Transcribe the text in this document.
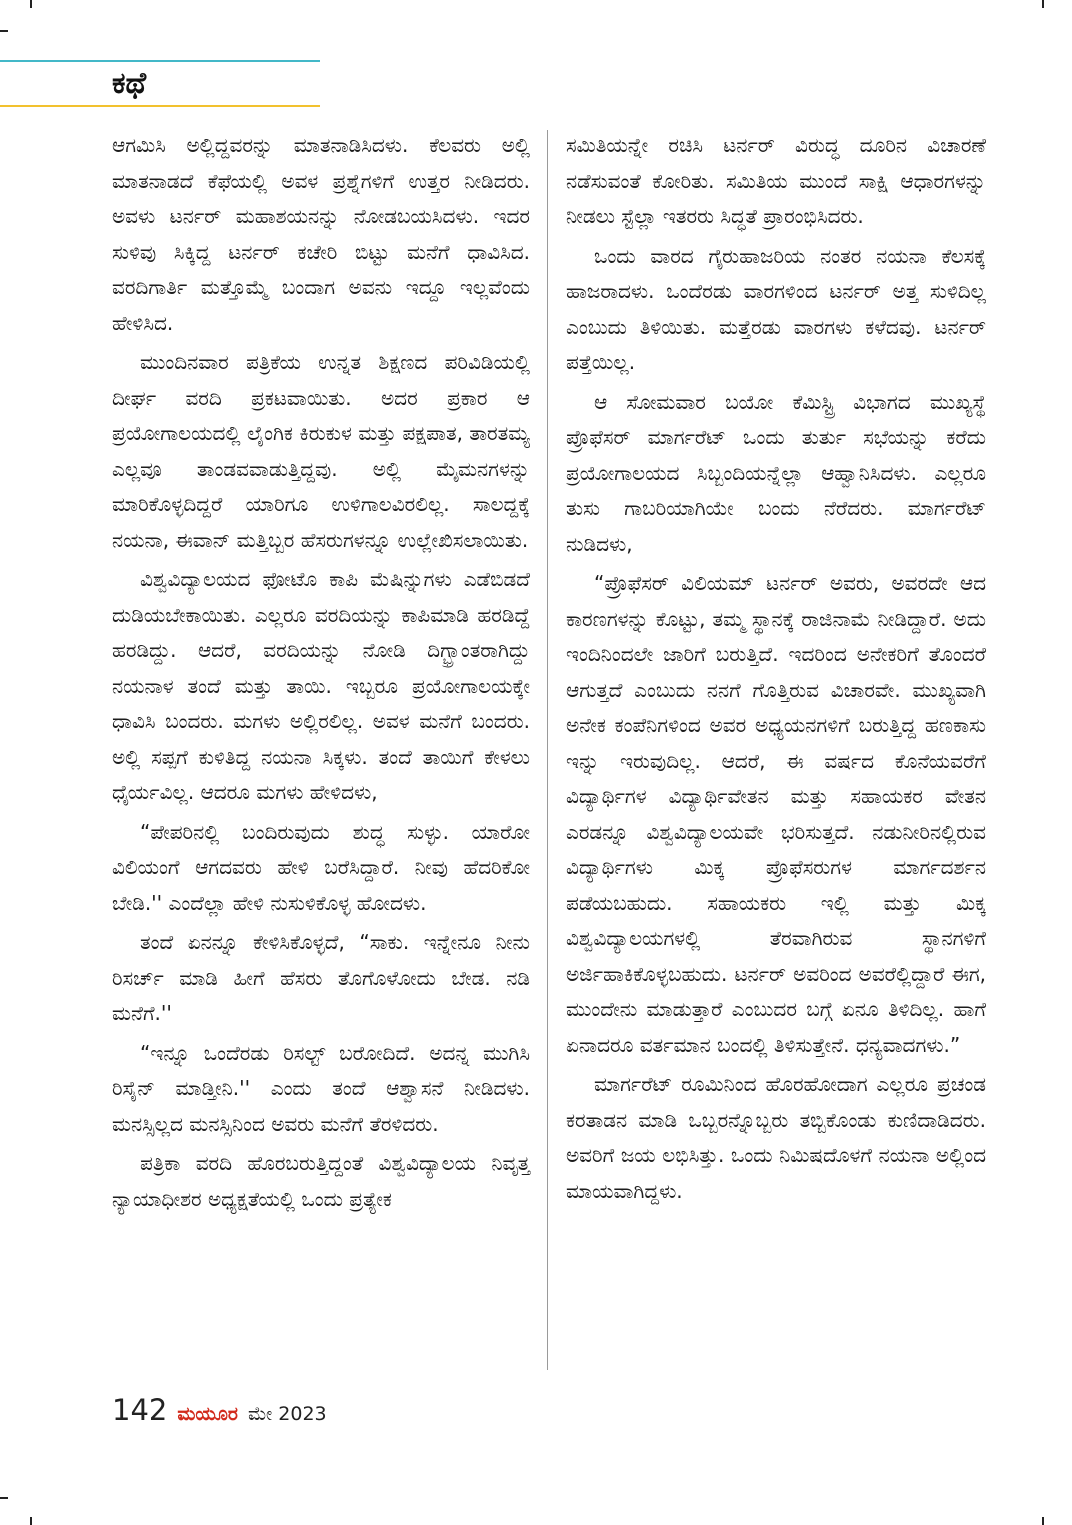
ಕಥೆ

ಆಗಮಿಸಿ ಅಲ್ಲಿದ್ದವರನ್ನು ಮಾತನಾಡಿಸಿದಳು. ಕೆಲವರು ಅಲ್ಲಿ ಮಾತನಾಡದೆ ಕೆಫೆಯಲ್ಲಿ ಅವಳ ಪ್ರಶ್ನೆಗಳಿಗೆ ಉತ್ತರ ನೀಡಿದರು. ಅವಳು ಟರ್ನರ್ ಮಹಾಶಯನನ್ನು ನೋಡಬಯಸಿದಳು. ಇದರ ಸುಳಿವು ಸಿಕ್ಕಿದ್ದ ಟರ್ನರ್ ಕಚೇರಿ ಬಿಟ್ಟು ಮನೆಗೆ ಧಾವಿಸಿದ. ವರದಿಗಾರ್ತಿ ಮತ್ತೊಮ್ಮೆ ಬಂದಾಗ ಅವನು ಇದ್ದೂ ಇಲ್ಲವೆಂದು ಹೇಳಿಸಿದ.

ಮುಂದಿನವಾರ ಪತ್ರಿಕೆಯ ಉನ್ನತ ಶಿಕ್ಷಣದ ಪರಿವಿಡಿಯಲ್ಲಿ ದೀರ್ಘ ವರದಿ ಪ್ರಕಟವಾಯಿತು. ಅದರ ಪ್ರಕಾರ ಆ ಪ್ರಯೋಗಾಲಯದಲ್ಲಿ ಲೈಂಗಿಕ ಕಿರುಕುಳ ಮತ್ತು ಪಕ್ಷಪಾತ, ತಾರತಮ್ಯ ಎಲ್ಲವೂ ತಾಂಡವವಾಡುತ್ತಿದ್ದವು. ಅಲ್ಲಿ ಮೈಮನಗಳನ್ನು ಮಾರಿಕೊಳ್ಳದಿದ್ದರೆ ಯಾರಿಗೂ ಉಳಿಗಾಲವಿರಲಿಲ್ಲ. ಸಾಲದ್ದಕ್ಕೆ ನಯನಾ, ಈವಾನ್ ಮತ್ತಿಬ್ಬರ ಹೆಸರುಗಳನ್ನೂ ಉಲ್ಲೇಖಿಸಲಾಯಿತು.

ವಿಶ್ವವಿದ್ಯಾಲಯದ ಫೋಟೊ ಕಾಪಿ ಮೆಷಿನ್ನುಗಳು ಎಡೆಬಿಡದೆ ದುಡಿಯಬೇಕಾಯಿತು. ಎಲ್ಲರೂ ವರದಿಯನ್ನು ಕಾಪಿಮಾಡಿ ಹರಡಿದ್ದೆ ಹರಡಿದ್ದು. ಆದರೆ, ವರದಿಯನ್ನು ನೋಡಿ ದಿಗ್ಭ್ರಾಂತರಾಗಿದ್ದು ನಯನಾಳ ತಂದೆ ಮತ್ತು ತಾಯಿ. ಇಬ್ಬರೂ ಪ್ರಯೋಗಾಲಯಕ್ಕೇ ಧಾವಿಸಿ ಬಂದರು. ಮಗಳು ಅಲ್ಲಿರಲಿಲ್ಲ. ಅವಳ ಮನೆಗೆ ಬಂದರು. ಅಲ್ಲಿ ಸಪ್ಪಗೆ ಕುಳಿತಿದ್ದ ನಯನಾ ಸಿಕ್ಕಳು. ತಂದೆ ತಾಯಿಗೆ ಕೇಳಲು ಧೈರ್ಯವಿಲ್ಲ. ಆದರೂ ಮಗಳು ಹೇಳಿದಳು,

“ಪೇಪರಿನಲ್ಲಿ ಬಂದಿರುವುದು ಶುದ್ಧ ಸುಳ್ಳು. ಯಾರೋ ವಿಲಿಯಂಗೆ ಆಗದವರು ಹೇಳಿ ಬರೆಸಿದ್ದಾರೆ. ನೀವು ಹೆದರಿಕೋ ಬೇಡಿ.'' ಎಂದೆಲ್ಲಾ ಹೇಳಿ ನುಸುಳಿಕೊಳ್ಳ ಹೋದಳು.

ತಂದೆ ಏನನ್ನೂ ಕೇಳಿಸಿಕೊಳ್ಳದೆ, “ಸಾಕು. ಇನ್ನೇನೂ ನೀನು ರಿಸರ್ಚ್ ಮಾಡಿ ಹೀಗೆ ಹೆಸರು ತೊಗೊಳೋದು ಬೇಡ. ನಡಿ ಮನೆಗೆ.''

“ಇನ್ನೂ ಒಂದೆರಡು ರಿಸಲ್ಟ್ ಬರೋದಿದೆ. ಅದನ್ನ ಮುಗಿಸಿ ರಿಸೈನ್ ಮಾಡ್ತೀನಿ.'' ಎಂದು ತಂದೆ ಆಶ್ವಾಸನೆ ನೀಡಿದಳು. ಮನಸ್ಸಿಲ್ಲದ ಮನಸ್ಸಿನಿಂದ ಅವರು ಮನೆಗೆ ತೆರಳಿದರು.

ಪತ್ರಿಕಾ ವರದಿ ಹೊರಬರುತ್ತಿದ್ದಂತೆ ವಿಶ್ವವಿದ್ಯಾಲಯ ನಿವೃತ್ತ ನ್ಯಾಯಾಧೀಶರ ಅಧ್ಯಕ್ಷತೆಯಲ್ಲಿ ಒಂದು ಪ್ರತ್ಯೇಕ

ಸಮಿತಿಯನ್ನೇ ರಚಿಸಿ ಟರ್ನರ್ ವಿರುದ್ಧ ದೂರಿನ ವಿಚಾರಣೆ ನಡೆಸುವಂತೆ ಕೋರಿತು. ಸಮಿತಿಯ ಮುಂದೆ ಸಾಕ್ಷಿ ಆಧಾರಗಳನ್ನು ನೀಡಲು ಸ್ಟೆಲ್ಲಾ ಇತರರು ಸಿದ್ಧತೆ ಪ್ರಾರಂಭಿಸಿದರು.

ಒಂದು ವಾರದ ಗೈರುಹಾಜರಿಯ ನಂತರ ನಯನಾ ಕೆಲಸಕ್ಕೆ ಹಾಜರಾದಳು. ಒಂದೆರಡು ವಾರಗಳಿಂದ ಟರ್ನರ್ ಅತ್ತ ಸುಳಿದಿಲ್ಲ ಎಂಬುದು ತಿಳಿಯಿತು. ಮತ್ತೆರಡು ವಾರಗಳು ಕಳೆದವು. ಟರ್ನರ್ ಪತ್ತೆಯಿಲ್ಲ.

ಆ ಸೋಮವಾರ ಬಯೋ ಕೆಮಿಸ್ಟ್ರಿ ವಿಭಾಗದ ಮುಖ್ಯಸ್ಥೆ ಪ್ರೊಫೆಸರ್ ಮಾರ್ಗರೆಟ್ ಒಂದು ತುರ್ತು ಸಭೆಯನ್ನು ಕರೆದು ಪ್ರಯೋಗಾಲಯದ ಸಿಬ್ಬಂದಿಯನ್ನೆಲ್ಲಾ ಆಹ್ವಾನಿಸಿದಳು. ಎಲ್ಲರೂ ತುಸು ಗಾಬರಿಯಾಗಿಯೇ ಬಂದು ನೆರೆದರು. ಮಾರ್ಗರೆಟ್ ನುಡಿದಳು,

“ಪ್ರೊಫೆಸರ್ ವಿಲಿಯಮ್ ಟರ್ನರ್ ಅವರು, ಅವರದೇ ಆದ ಕಾರಣಗಳನ್ನು ಕೊಟ್ಟು, ತಮ್ಮ ಸ್ಥಾನಕ್ಕೆ ರಾಜಿನಾಮೆ ನೀಡಿದ್ದಾರೆ. ಅದು ಇಂದಿನಿಂದಲೇ ಜಾರಿಗೆ ಬರುತ್ತಿದೆ. ಇದರಿಂದ ಅನೇಕರಿಗೆ ತೊಂದರೆ ಆಗುತ್ತದೆ ಎಂಬುದು ನನಗೆ ಗೊತ್ತಿರುವ ವಿಚಾರವೇ. ಮುಖ್ಯವಾಗಿ ಅನೇಕ ಕಂಪೆನಿಗಳಿಂದ ಅವರ ಅಧ್ಯಯನಗಳಿಗೆ ಬರುತ್ತಿದ್ದ ಹಣಕಾಸು ಇನ್ನು ಇರುವುದಿಲ್ಲ. ಆದರೆ, ಈ ವರ್ಷದ ಕೊನೆಯವರೆಗೆ ವಿದ್ಯಾರ್ಥಿಗಳ ವಿದ್ಯಾರ್ಥಿವೇತನ ಮತ್ತು ಸಹಾಯಕರ ವೇತನ ಎರಡನ್ನೂ ವಿಶ್ವವಿದ್ಯಾಲಯವೇ ಭರಿಸುತ್ತದೆ. ನಡುನೀರಿನಲ್ಲಿರುವ ವಿದ್ಯಾರ್ಥಿಗಳು ಮಿಕ್ಕ ಪ್ರೊಫೆಸರುಗಳ ಮಾರ್ಗದರ್ಶನ ಪಡೆಯಬಹುದು. ಸಹಾಯಕರು ಇಲ್ಲಿ ಮತ್ತು ಮಿಕ್ಕ ವಿಶ್ವವಿದ್ಯಾಲಯಗಳಲ್ಲಿ ತೆರವಾಗಿರುವ ಸ್ಥಾನಗಳಿಗೆ ಅರ್ಜಿಹಾಕಿಕೊಳ್ಳಬಹುದು. ಟರ್ನರ್ ಅವರಿಂದ ಅವರೆಲ್ಲಿದ್ದಾರೆ ಈಗ, ಮುಂದೇನು ಮಾಡುತ್ತಾರೆ ಎಂಬುದರ ಬಗ್ಗೆ ಏನೂ ತಿಳಿದಿಲ್ಲ. ಹಾಗೆ ಏನಾದರೂ ವರ್ತಮಾನ ಬಂದಲ್ಲಿ ತಿಳಿಸುತ್ತೇನೆ. ಧನ್ಯವಾದಗಳು.”

ಮಾರ್ಗರೆಟ್ ರೂಮಿನಿಂದ ಹೊರಹೋದಾಗ ಎಲ್ಲರೂ ಪ್ರಚಂಡ ಕರತಾಡನ ಮಾಡಿ ಒಬ್ಬರನ್ನೊಬ್ಬರು ತಬ್ಬಿಕೊಂಡು ಕುಣಿದಾಡಿದರು. ಅವರಿಗೆ ಜಯ ಲಭಿಸಿತ್ತು. ಒಂದು ನಿಮಿಷದೊಳಗೆ ನಯನಾ ಅಲ್ಲಿಂದ ಮಾಯವಾಗಿದ್ದಳು.

142 ಮಯೂರ ಮೇ 2023
